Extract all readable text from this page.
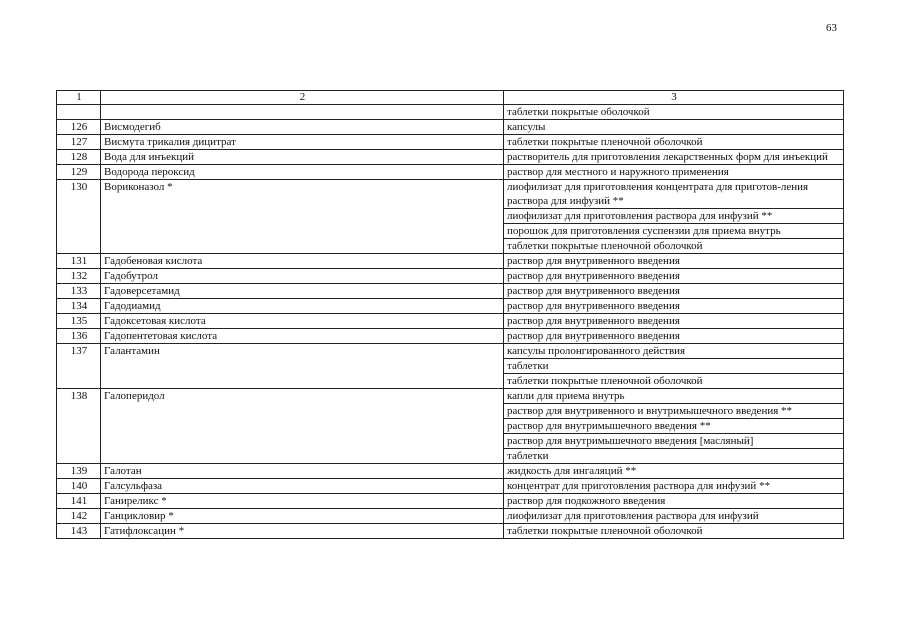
63
1	2	3
		таблетки покрытые оболочкой
126	Висмодегиб	капсулы
127	Висмута трикалия дицитрат	таблетки покрытые пленочной оболочкой
128	Вода для инъекций	растворитель для приготовления лекарственных форм для инъекций
129	Водорода пероксид	раствор для местного и наружного применения
130	Вориконазол *	лиофилизат для приготовления концентрата для приготов-ления раствора для инфузий **
		лиофилизат для приготовления раствора для инфузий **
		порошок для приготовления суспензии для приема внутрь
		таблетки покрытые пленочной оболочкой
131	Гадобеновая кислота	раствор для внутривенного введения
132	Гадобутрол	раствор для внутривенного введения
133	Гадоверсетамид	раствор для внутривенного введения
134	Гадодиамид	раствор для внутривенного введения
135	Гадоксетовая кислота	раствор для внутривенного введения
136	Гадопентетовая кислота	раствор для внутривенного введения
137	Галантамин	капсулы пролонгированного действия
		таблетки
		таблетки покрытые пленочной оболочкой
138	Галоперидол	капли для приема внутрь
		раствор для внутривенного и внутримышечного введения **
		раствор для внутримышечного введения **
		раствор для внутримышечного введения [масляный]
		таблетки
139	Галотан	жидкость для ингаляций **
140	Галсульфаза	концентрат для приготовления раствора для инфузий **
141	Ганиреликс *	раствор для подкожного введения
142	Ганцикловир *	лиофилизат для приготовления раствора для инфузий
143	Гатифлоксацин *	таблетки покрытые пленочной оболочкой
